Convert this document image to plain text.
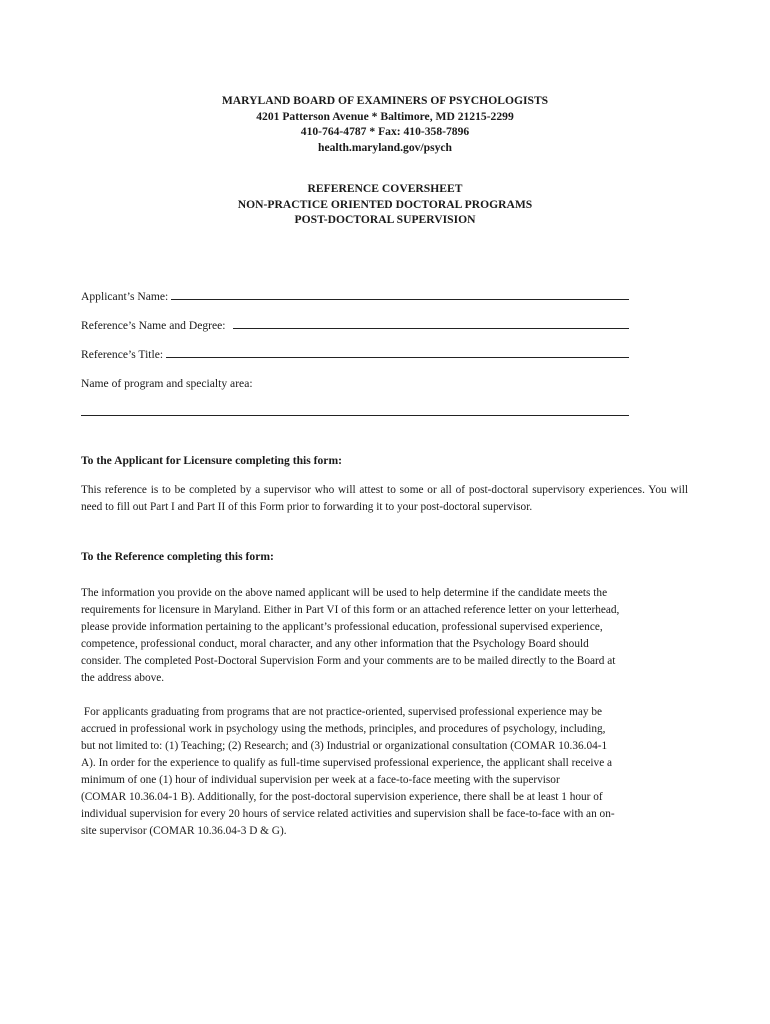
MARYLAND BOARD OF EXAMINERS OF PSYCHOLOGISTS
4201 Patterson Avenue * Baltimore, MD 21215-2299
410-764-4787 * Fax: 410-358-7896
health.maryland.gov/psych
REFERENCE COVERSHEET
NON-PRACTICE ORIENTED DOCTORAL PROGRAMS
POST-DOCTORAL SUPERVISION
Applicant’s Name:
Reference’s Name and Degree:
Reference’s Title:
Name of program and specialty area:
To the Applicant for Licensure completing this form:
This reference is to be completed by a supervisor who will attest to some or all of post-doctoral supervisory experiences. You will need to fill out Part I and Part II of this Form prior to forwarding it to your post-doctoral supervisor.
To the Reference completing this form:
The information you provide on the above named applicant will be used to help determine if the candidate meets the
requirements for licensure in Maryland. Either in Part VI of this form or an attached reference letter on your letterhead,
please provide information pertaining to the applicant’s professional education, professional supervised experience,
competence, professional conduct, moral character, and any other information that the Psychology Board should
consider. The completed Post-Doctoral Supervision Form and your comments are to be mailed directly to the Board at
the address above.
For applicants graduating from programs that are not practice-oriented, supervised professional experience may be
accrued in professional work in psychology using the methods, principles, and procedures of psychology, including,
but not limited to: (1) Teaching; (2) Research; and (3) Industrial or organizational consultation (COMAR 10.36.04-1
A). In order for the experience to qualify as full-time supervised professional experience, the applicant shall receive a
minimum of one (1) hour of individual supervision per week at a face-to-face meeting with the supervisor
(COMAR 10.36.04-1 B). Additionally, for the post-doctoral supervision experience, there shall be at least 1 hour of
individual supervision for every 20 hours of service related activities and supervision shall be face-to-face with an on-
site supervisor (COMAR 10.36.04-3 D & G).
